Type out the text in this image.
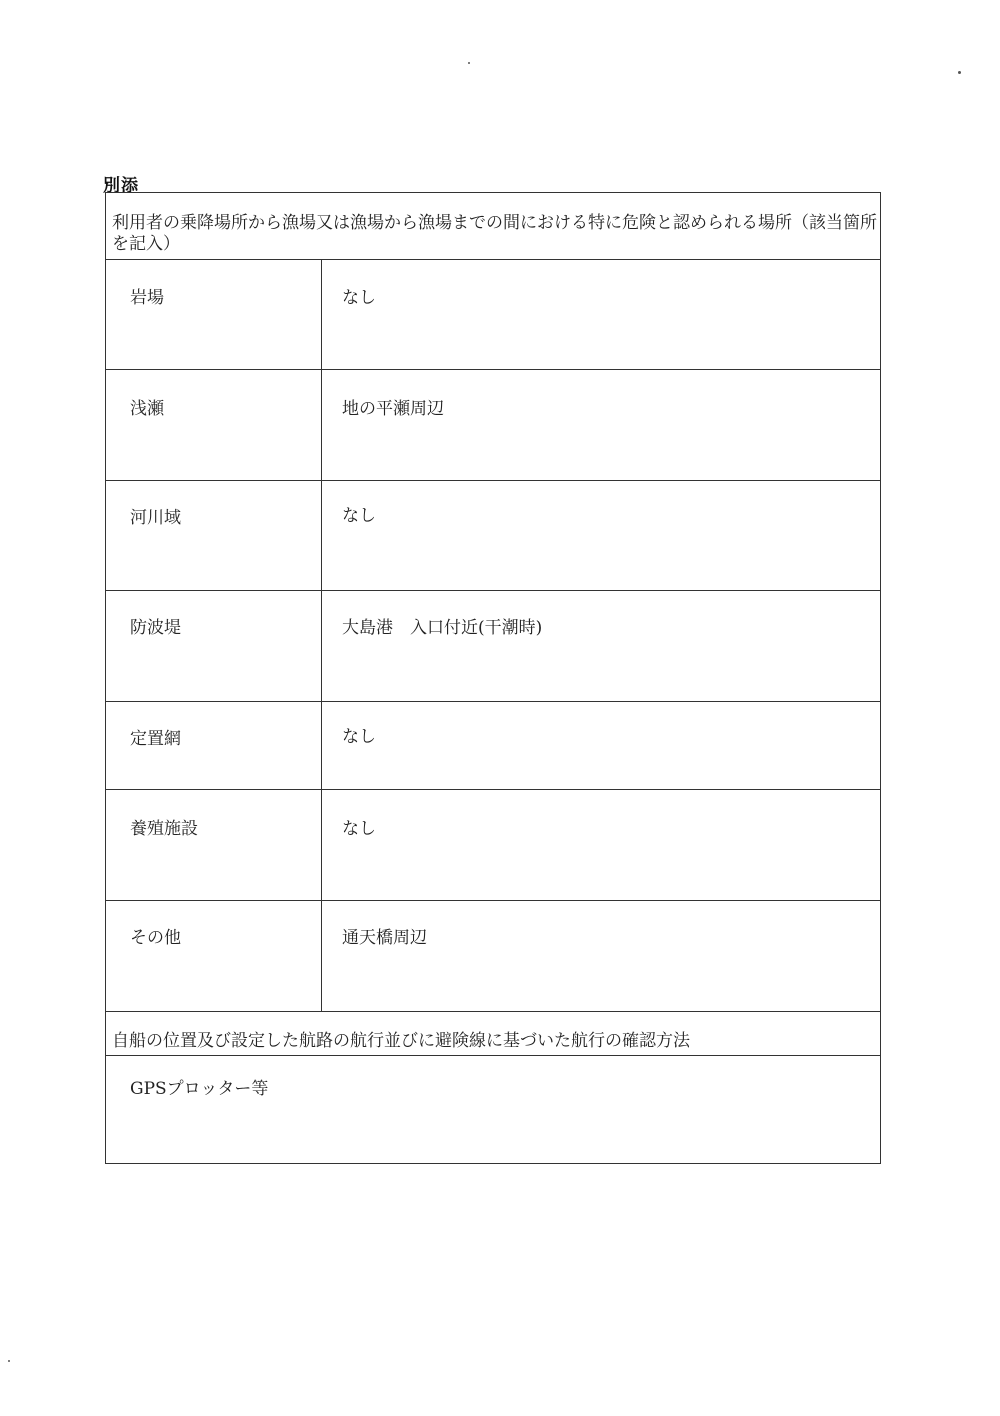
別添
利用者の乗降場所から漁場又は漁場から漁場までの間における特に危険と認められる場所（該当箇所を記入）
岩場	なし
浅瀬	地の平瀬周辺
河川域	なし
防波堤	大島港　入口付近(干潮時)
定置網	なし
養殖施設	なし
その他	通天橋周辺
自船の位置及び設定した航路の航行並びに避険線に基づいた航行の確認方法
GPSプロッター等
